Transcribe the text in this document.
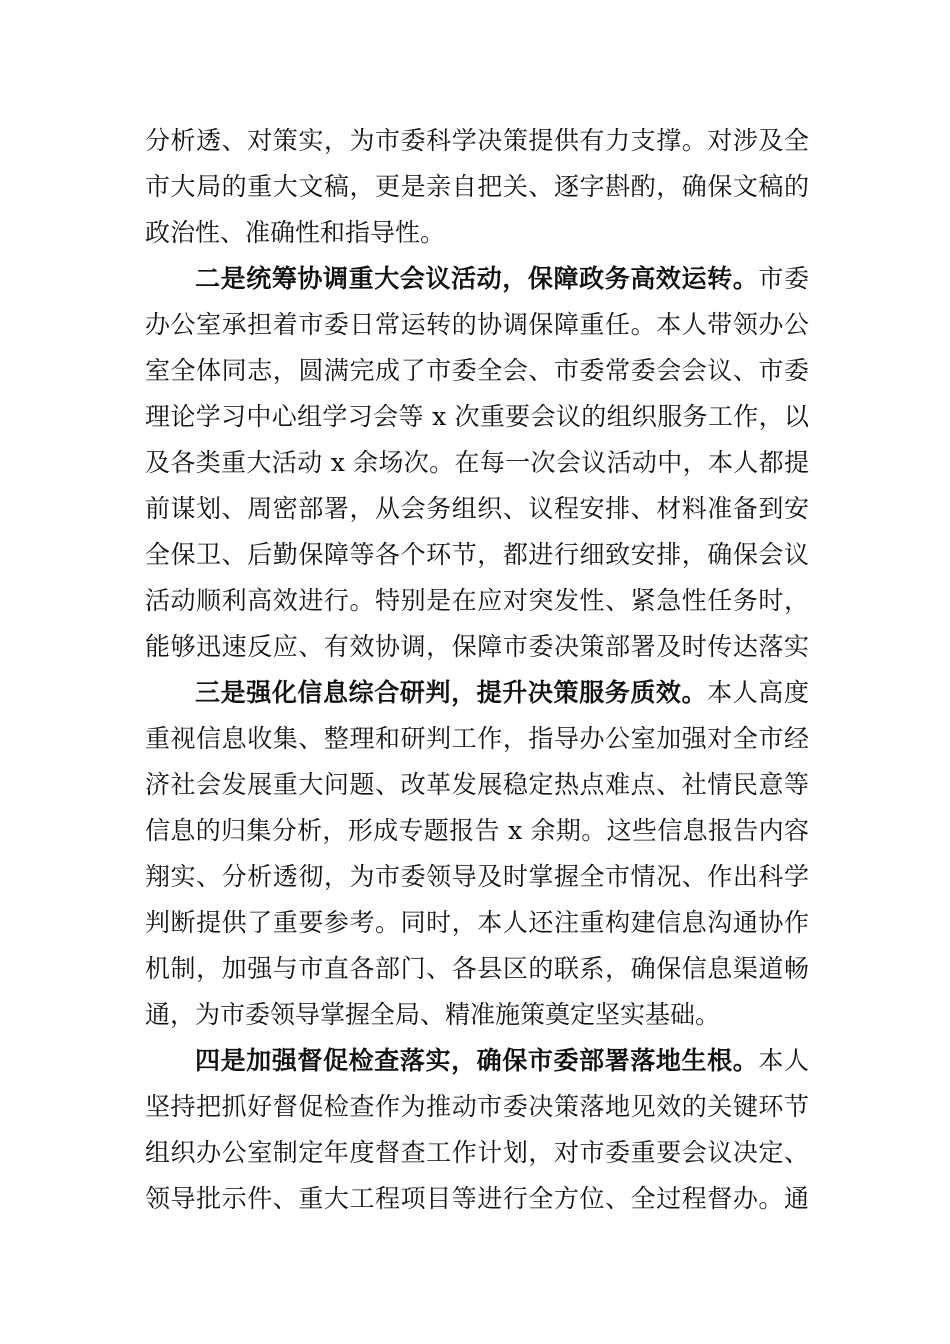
分析透、对策实，为市委科学决策提供有力支撑。对涉及全
市大局的重大文稿，更是亲自把关、逐字斟酌，确保文稿的
政治性、准确性和指导性。
二是统筹协调重大会议活动，保障政务高效运转。市委
办公室承担着市委日常运转的协调保障重任。本人带领办公
室全体同志，圆满完成了市委全会、市委常委会会议、市委
理论学习中心组学习会等 x 次重要会议的组织服务工作，以
及各类重大活动 x 余场次。在每一次会议活动中，本人都提
前谋划、周密部署，从会务组织、议程安排、材料准备到安
全保卫、后勤保障等各个环节，都进行细致安排，确保会议
活动顺利高效进行。特别是在应对突发性、紧急性任务时，
能够迅速反应、有效协调，保障市委决策部署及时传达落实
三是强化信息综合研判，提升决策服务质效。本人高度
重视信息收集、整理和研判工作，指导办公室加强对全市经
济社会发展重大问题、改革发展稳定热点难点、社情民意等
信息的归集分析，形成专题报告 x 余期。这些信息报告内容
翔实、分析透彻，为市委领导及时掌握全市情况、作出科学
判断提供了重要参考。同时，本人还注重构建信息沟通协作
机制，加强与市直各部门、各县区的联系，确保信息渠道畅
通，为市委领导掌握全局、精准施策奠定坚实基础。
四是加强督促检查落实，确保市委部署落地生根。本人
坚持把抓好督促检查作为推动市委决策落地见效的关键环节
组织办公室制定年度督查工作计划，对市委重要会议决定、
领导批示件、重大工程项目等进行全方位、全过程督办。通
